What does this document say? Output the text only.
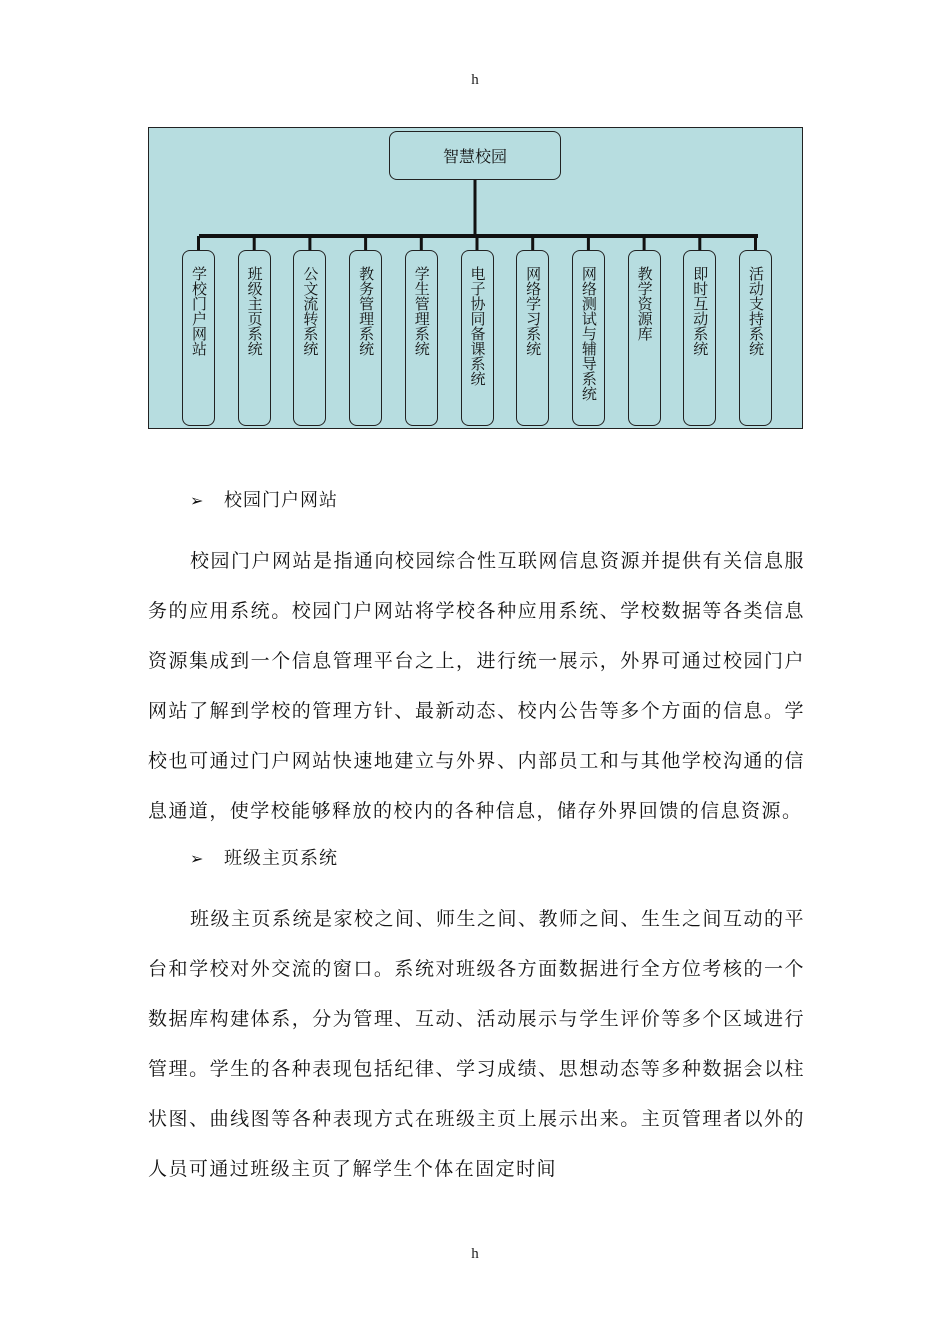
h
智慧校园
学
校
门
户
网
站
班
级
主
页
系
统
公
文
流
转
系
统
教
务
管
理
系
统
学
生
管
理
系
统
电
子
协
同
备
课
系
统
网
络
学
习
系
统
网
络
测
试
与
辅
导
系
统
教
学
资
源
库
即
时
互
动
系
统
活
动
支
持
系
统
➢ 校园门户网站

校园门户网站是指通向校园综合性互联网信息资源并提供有关信息服务的应用系统。校园门户网站将学校各种应用系统、学校数据等各类信息资源集成到一个信息管理平台之上，进行统一展示，外界可通过校园门户网站了解到学校的管理方针、最新动态、校内公告等多个方面的信息。学校也可通过门户网站快速地建立与外界、内部员工和与其他学校沟通的信息通道，使学校能够释放的校内的各种信息，储存外界回馈的信息资源。

➢ 班级主页系统

班级主页系统是家校之间、师生之间、教师之间、生生之间互动的平台和学校对外交流的窗口。系统对班级各方面数据进行全方位考核的一个数据库构建体系，分为管理、互动、活动展示与学生评价等多个区域进行管理。学生的各种表现包括纪律、学习成绩、思想动态等多种数据会以柱状图、曲线图等各种表现方式在班级主页上展示出来。主页管理者以外的人员可通过班级主页了解学生个体在固定时间

h
